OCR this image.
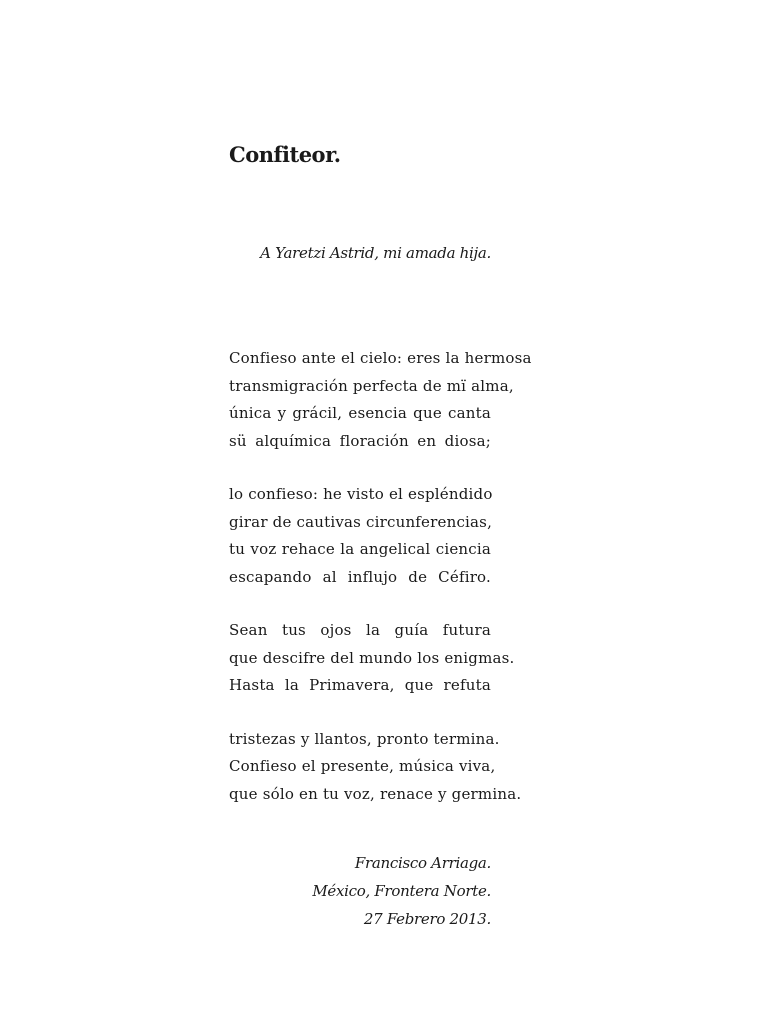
Confiteor.

A Yaretzi Astrid, mi amada hija.

Confieso ante el cielo: eres la hermosa
transmigración perfecta de mï alma,
única y grácil, esencia que canta
sü alquímica floración en diosa;
lo confieso: he visto el espléndido
girar de cautivas circunferencias,
tu voz rehace la angelical ciencia
escapando al influjo de Céfiro.
Sean tus ojos la guía futura
que descifre del mundo los enigmas.
Hasta la Primavera, que refuta
tristezas y llantos, pronto termina.
Confieso el presente, música viva,
que sólo en tu voz, renace y germina.
Francisco Arriaga.
México, Frontera Norte.
27 Febrero 2013.
